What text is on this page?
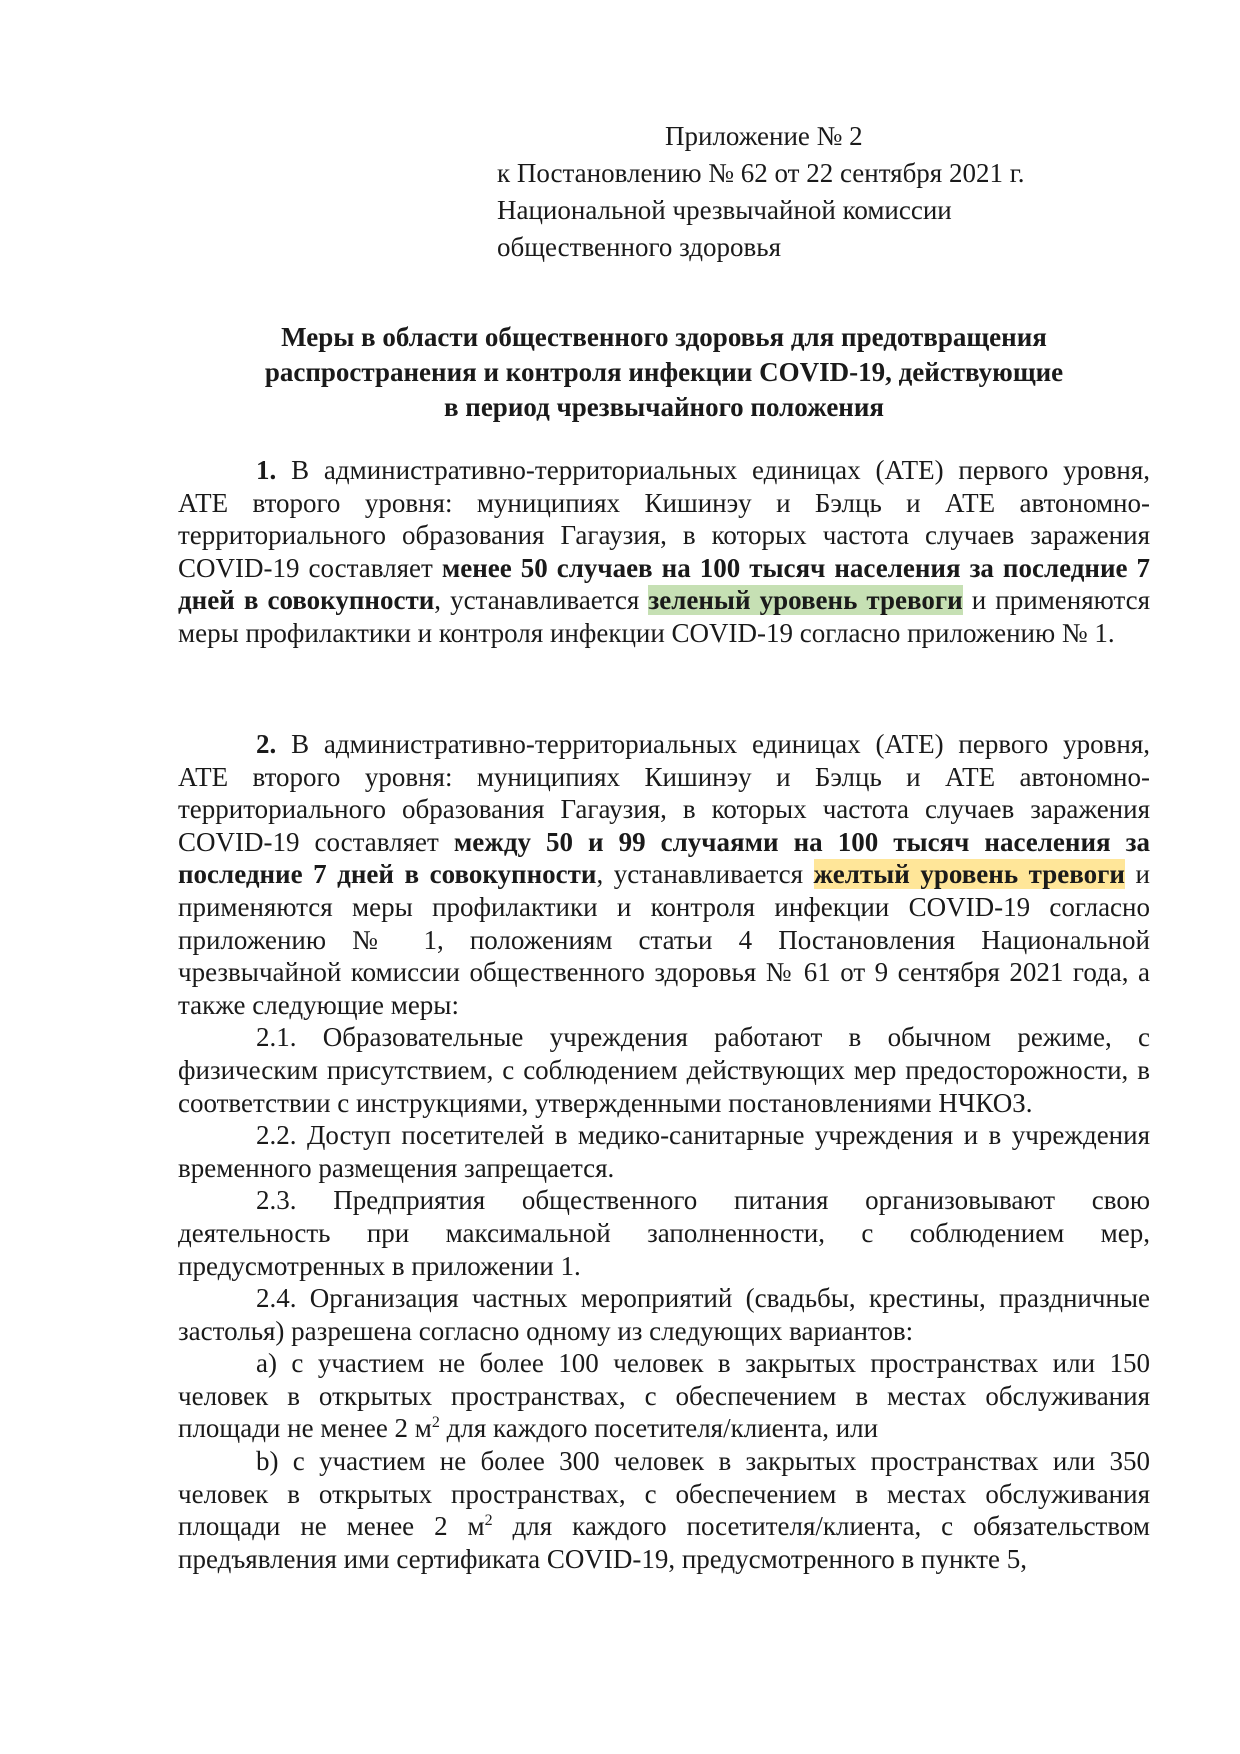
Приложение № 2
к Постановлению № 62 от 22 сентября 2021 г.
Национальной чрезвычайной комиссии
общественного здоровья
Меры в области общественного здоровья для предотвращения
распространения и контроля инфекции COVID-19, действующие
в период чрезвычайного положения

1. В административно-территориальных единицах (АТЕ) первого уровня, АТЕ второго уровня: муниципиях Кишинэу и Бэлць и АТЕ автономно-территориального образования Гагаузия, в которых частота случаев заражения COVID-19 составляет менее 50 случаев на 100 тысяч населения за последние 7 дней в совокупности, устанавливается зеленый уровень тревоги и применяются меры профилактики и контроля инфекции COVID-19 согласно приложению № 1.

2. В административно-территориальных единицах (АТЕ) первого уровня, АТЕ второго уровня: муниципиях Кишинэу и Бэлць и АТЕ автономно-территориального образования Гагаузия, в которых частота случаев заражения COVID-19 составляет между 50 и 99 случаями на 100 тысяч населения за последние 7 дней в совокупности, устанавливается желтый уровень тревоги и применяются меры профилактики и контроля инфекции COVID-19 согласно приложению № 1, положениям статьи 4 Постановления Национальной чрезвычайной комиссии общественного здоровья № 61 от 9 сентября 2021 года, а также следующие меры:

2.1. Образовательные учреждения работают в обычном режиме, с физическим присутствием, с соблюдением действующих мер предосторожности, в соответствии с инструкциями, утвержденными постановлениями НЧКОЗ.

2.2. Доступ посетителей в медико-санитарные учреждения и в учреждения временного размещения запрещается.

2.3. Предприятия общественного питания организовывают свою деятельность при максимальной заполненности, с соблюдением мер, предусмотренных в приложении 1.

2.4. Организация частных мероприятий (свадьбы, крестины, праздничные застолья) разрешена согласно одному из следующих вариантов:

a) с участием не более 100 человек в закрытых пространствах или 150 человек в открытых пространствах, с обеспечением в местах обслуживания площади не менее 2 $м^2$ для каждого посетителя/клиента, или

b) с участием не более 300 человек в закрытых пространствах или 350 человек в открытых пространствах, с обеспечением в местах обслуживания площади не менее 2 $м^2$ для каждого посетителя/клиента, с обязательством предъявления ими сертификата COVID-19, предусмотренного в пункте 5,
